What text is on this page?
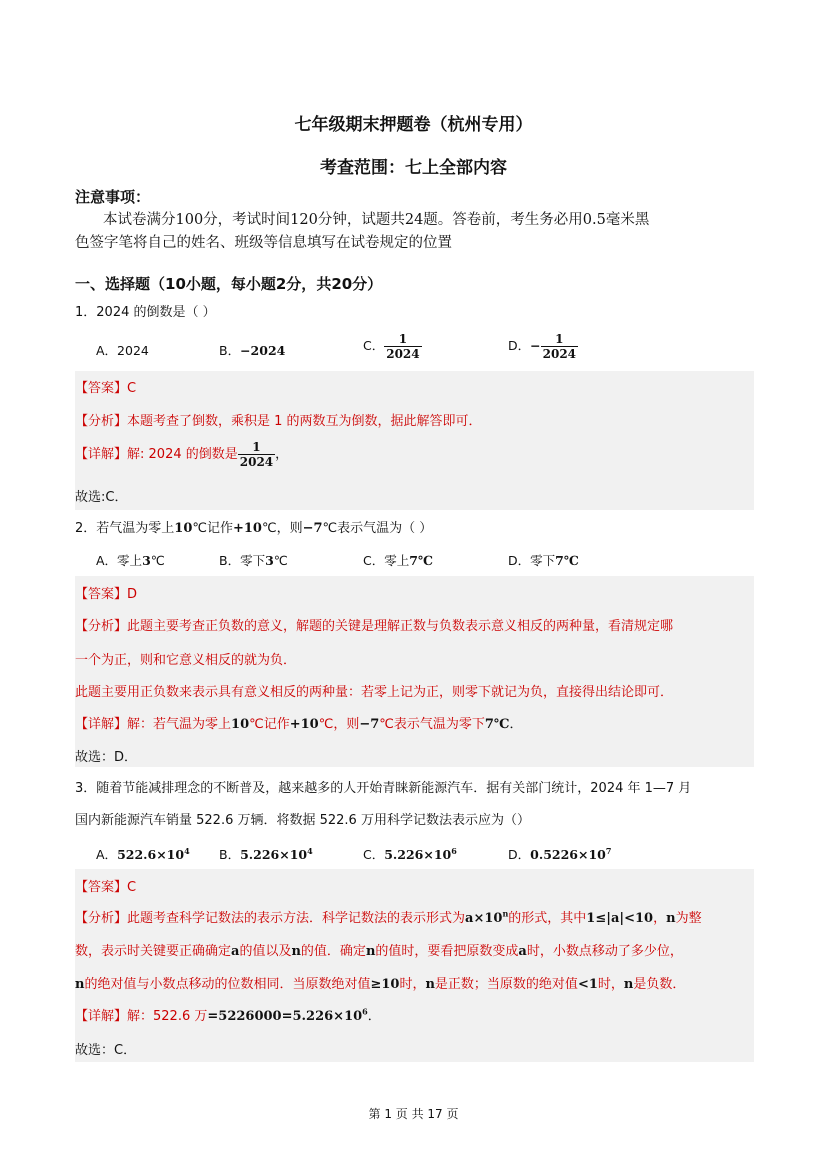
七年级期末押题卷（杭州专用）
考查范围：七上全部内容
注意事项：
本试卷满分100分，考试时间120分钟，试题共24题。答卷前，考生务必用0.5毫米黑
色签字笔将自己的姓名、班级等信息填写在试卷规定的位置
一、选择题（10小题，每小题2分，共20分）
1．2024 的倒数是（ ）
A．2024	B．−2024	C． $\frac{1}{2024}$	D．− $\frac{1}{2024}$
【答案】C
【分析】本题考查了倒数，乘积是 1 的两数互为倒数，据此解答即可．
【详解】解: 2024 的倒数是 $\frac{1}{2024}$ ，
故选:C．
2．若气温为零上10℃记作+10℃，则−7℃表示气温为（ ）
A．零上3℃	B．零下3℃	C．零上7℃	D．零下7℃
【答案】D
【分析】此题主要考查正负数的意义，解题的关键是理解正数与负数表示意义相反的两种量，看清规定哪
一个为正，则和它意义相反的就为负．
此题主要用正负数来表示具有意义相反的两种量：若零上记为正，则零下就记为负，直接得出结论即可．
【详解】解：若气温为零上10℃记作+10℃，则−7℃表示气温为零下7℃．
故选：D．
3．随着节能减排理念的不断普及，越来越多的人开始青睐新能源汽车．据有关部门统计，2024 年 1—7 月
国内新能源汽车销量 522.6 万辆．将数据 522.6 万用科学记数法表示应为（）
A．$522.6\times 10^4$ B．$5.226\times 10^4$	C．$5.226\times 10^6$	D．$0.5226\times 10^7$
【答案】C
【分析】此题考查科学记数法的表示方法．科学记数法的表示形式为$a\times 10^n$的形式，其中1≤|a|<10，n为整
数，表示时关键要正确确定a的值以及n的值．确定n的值时，要看把原数变成a时，小数点移动了多少位，
n的绝对值与小数点移动的位数相同．当原数绝对值≥10时，n是正数；当原数的绝对值<1时，n是负数．
【详解】解：522.6 万$=5226000=5.226\times 10^6$．
故选：C．
第 1 页 共 17 页
